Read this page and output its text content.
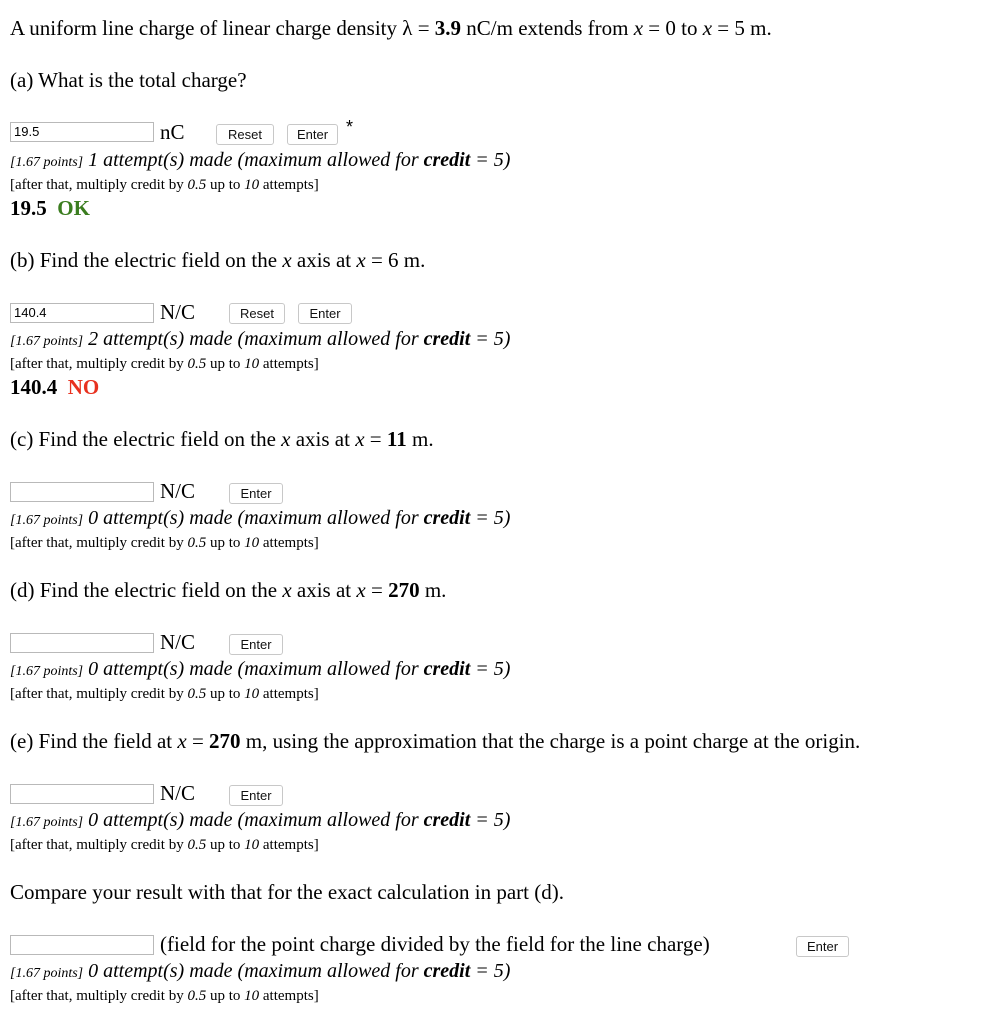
A uniform line charge of linear charge density λ = 3.9 nC/m extends from x = 0 to x = 5 m.
(a) What is the total charge?
19.5	nC	Reset	Enter *
[1.67 points] 1 attempt(s) made (maximum allowed for credit = 5)
[after that, multiply credit by 0.5 up to 10 attempts]
19.5 OK
(b) Find the electric field on the x axis at x = 6 m.
140.4	N/C	Reset	Enter
[1.67 points] 2 attempt(s) made (maximum allowed for credit = 5)
[after that, multiply credit by 0.5 up to 10 attempts]
140.4 NO
(c) Find the electric field on the x axis at x = 11 m.
N/C	Enter
[1.67 points] 0 attempt(s) made (maximum allowed for credit = 5)
[after that, multiply credit by 0.5 up to 10 attempts]
(d) Find the electric field on the x axis at x = 270 m.
N/C	Enter
[1.67 points] 0 attempt(s) made (maximum allowed for credit = 5)
[after that, multiply credit by 0.5 up to 10 attempts]
(e) Find the field at x = 270 m, using the approximation that the charge is a point charge at the origin.
N/C	Enter
[1.67 points] 0 attempt(s) made (maximum allowed for credit = 5)
[after that, multiply credit by 0.5 up to 10 attempts]
Compare your result with that for the exact calculation in part (d).
(field for the point charge divided by the field for the line charge)	Enter
[1.67 points] 0 attempt(s) made (maximum allowed for credit = 5)
[after that, multiply credit by 0.5 up to 10 attempts]
